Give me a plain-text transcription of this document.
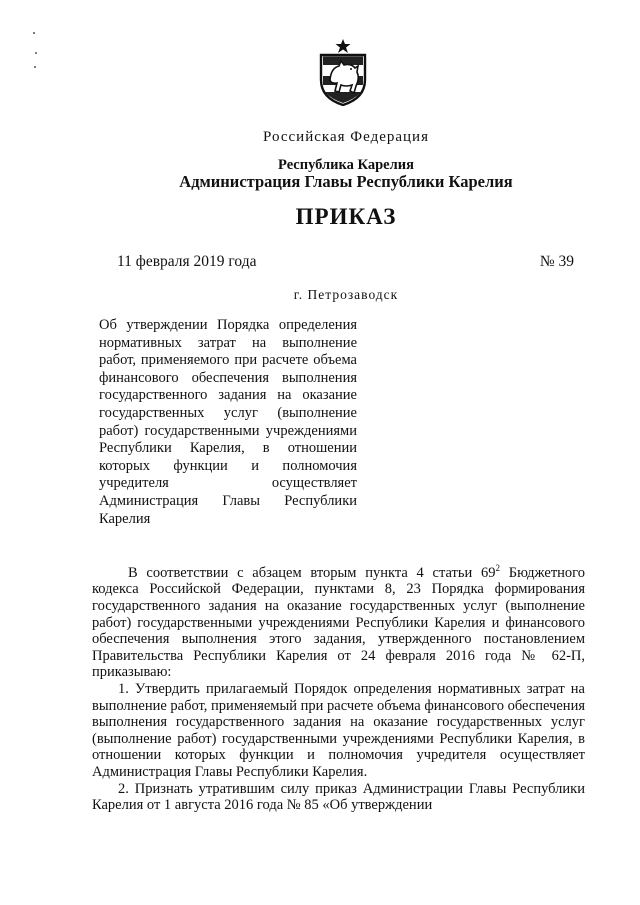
Российская Федерация
Республика Карелия
Администрация Главы Республики Карелия
ПРИКАЗ
11 февраля 2019 года	№ 39
г. Петрозаводск
Об утверждении Порядка определения нормативных затрат на выполнение работ, применяемого при расчете объема финансового обеспечения выполнения государственного задания на оказание государственных услуг (выполнение работ) государственными учреждениями Республики Карелия, в отношении которых функции и полномочия учредителя осуществляет Администрация Главы Республики Карелия

В соответствии с абзацем вторым пункта 4 статьи $69^2$ Бюджетного кодекса Российской Федерации, пунктами 8, 23 Порядка формирования государственного задания на оказание государственных услуг (выполнение работ) государственными учреждениями Республики Карелия и финансового обеспечения выполнения этого задания, утвержденного постановлением Правительства Республики Карелия от 24 февраля 2016 года № 62-П, приказываю:

1. Утвердить прилагаемый Порядок определения нормативных затрат на выполнение работ, применяемый при расчете объема финансового обеспечения выполнения государственного задания на оказание государственных услуг (выполнение работ) государственными учреждениями Республики Карелия, в отношении которых функции и полномочия учредителя осуществляет Администрация Главы Республики Карелия.

2. Признать утратившим силу приказ Администрации Главы Республики Карелия от 1 августа 2016 года № 85 «Об утверждении
